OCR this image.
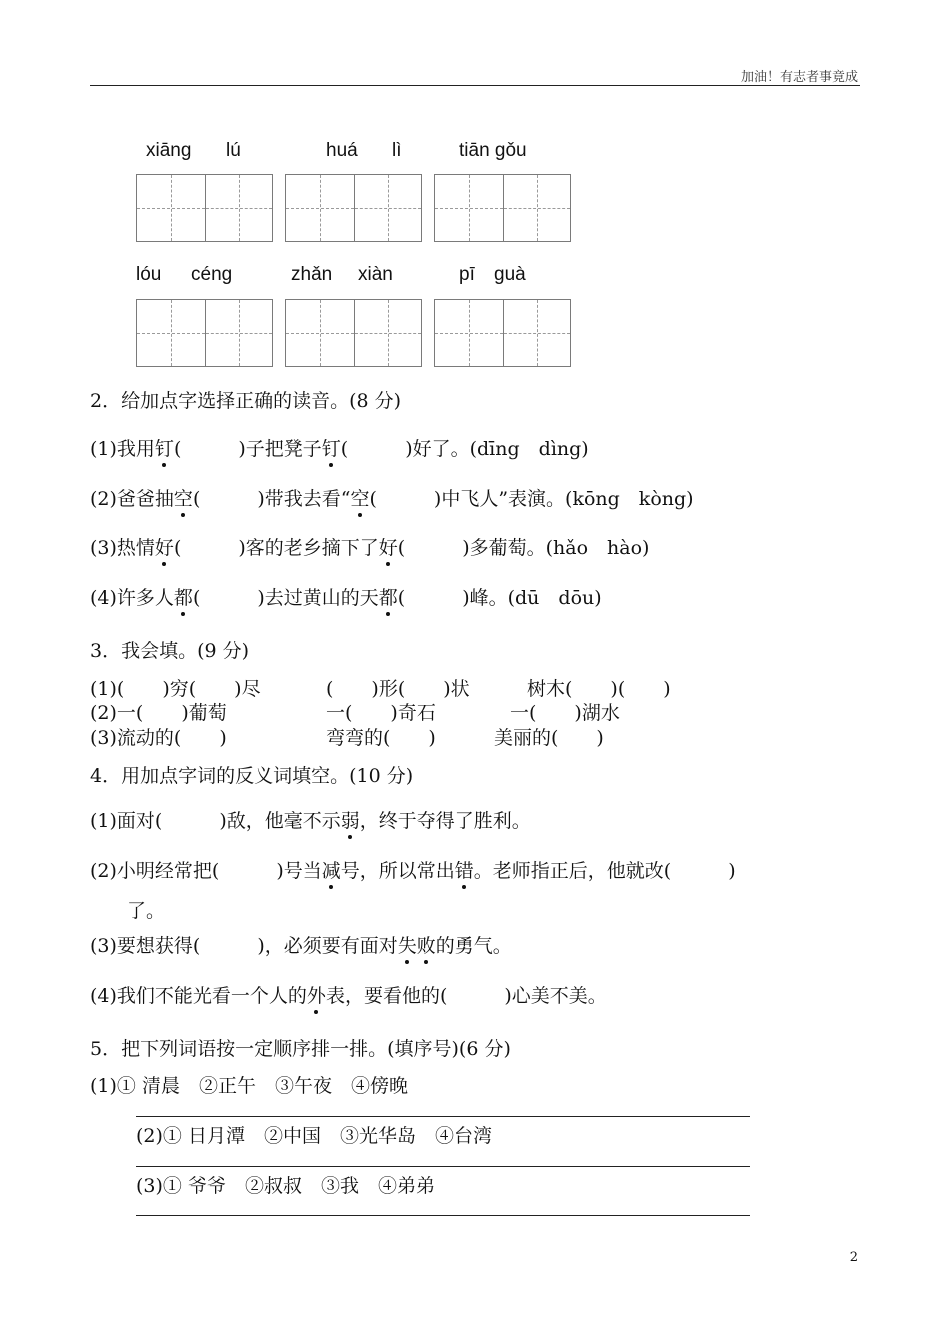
加油！有志者事竟成
xiāng lú	huá lì	tiān gǒu
lóu céng	zhǎn xiàn	pī guà
2．给加点字选择正确的读音。(8 分)
(1)我用钉(　　　)子把凳子钉(　　　)好了。(dīng　dìng)
(2)爸爸抽空(　　　)带我去看“空(　　　)中飞人”表演。(kōng　kòng)
(3)热情好(　　　)客的老乡摘下了好(　　　)多葡萄。(hǎo　hào)
(4)许多人都(　　　)去过黄山的天都(　　　)峰。(dū　dōu)
3．我会填。(9 分)
(1)(　　)穷(　　)尽	(　　)形(　　)状	树木(　　)(　　)
(2)一(　　)葡萄	一(　　)奇石	一(　　)湖水
(3)流动的(　　)	弯弯的(　　)	美丽的(　　)
4．用加点字词的反义词填空。(10 分)
(1)面对(　　　)敌，他毫不示弱，终于夺得了胜利。
(2)小明经常把(　　　)号当减号，所以常出错。老师指正后，他就改(　　　)
了。
(3)要想获得(　　　)，必须要有面对失败的勇气。
(4)我们不能光看一个人的外表，要看他的(　　　)心美不美。
5．把下列词语按一定顺序排一排。(填序号)(6 分)
(1)① 清晨　②正午　③午夜　④傍晚
(2)① 日月潭　②中国　③光华岛　④台湾
(3)① 爷爷　②叔叔　③我　④弟弟
2
